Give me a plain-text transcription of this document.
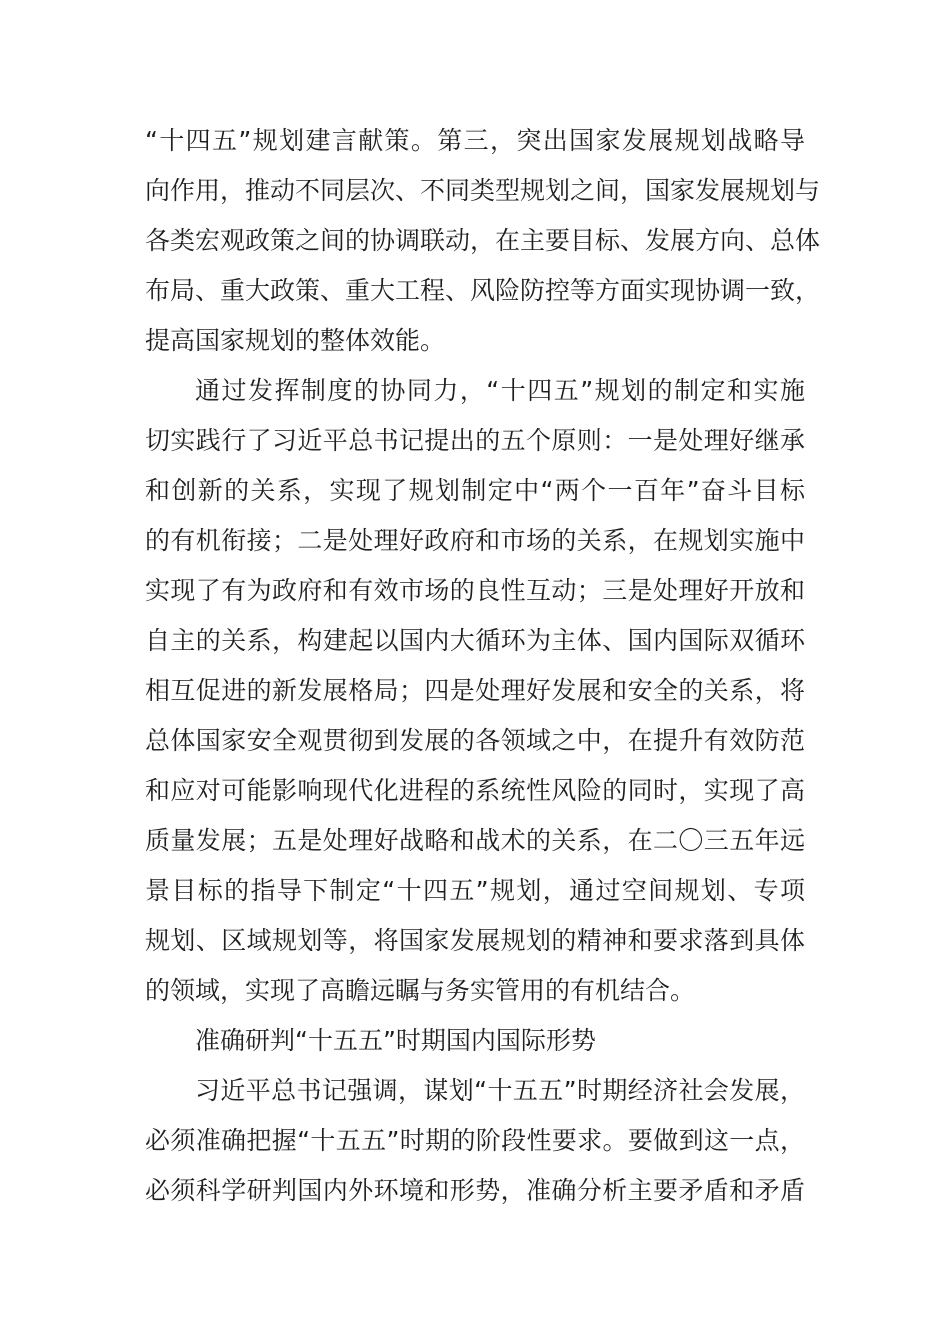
“十四五”规划建言献策。第三，突出国家发展规划战略导
向作用，推动不同层次、不同类型规划之间，国家发展规划与
各类宏观政策之间的协调联动，在主要目标、发展方向、总体
布局、重大政策、重大工程、风险防控等方面实现协调一致，
提高国家规划的整体效能。
通过发挥制度的协同力，“十四五”规划的制定和实施
切实践行了习近平总书记提出的五个原则：一是处理好继承
和创新的关系，实现了规划制定中“两个一百年”奋斗目标
的有机衔接；二是处理好政府和市场的关系，在规划实施中
实现了有为政府和有效市场的良性互动；三是处理好开放和
自主的关系，构建起以国内大循环为主体、国内国际双循环
相互促进的新发展格局；四是处理好发展和安全的关系，将
总体国家安全观贯彻到发展的各领域之中，在提升有效防范
和应对可能影响现代化进程的系统性风险的同时，实现了高
质量发展；五是处理好战略和战术的关系，在二〇三五年远
景目标的指导下制定“十四五”规划，通过空间规划、专项
规划、区域规划等，将国家发展规划的精神和要求落到具体
的领域，实现了高瞻远瞩与务实管用的有机结合。
准确研判“十五五”时期国内国际形势
习近平总书记强调，谋划“十五五”时期经济社会发展，
必须准确把握“十五五”时期的阶段性要求。要做到这一点，
必须科学研判国内外环境和形势，准确分析主要矛盾和矛盾
